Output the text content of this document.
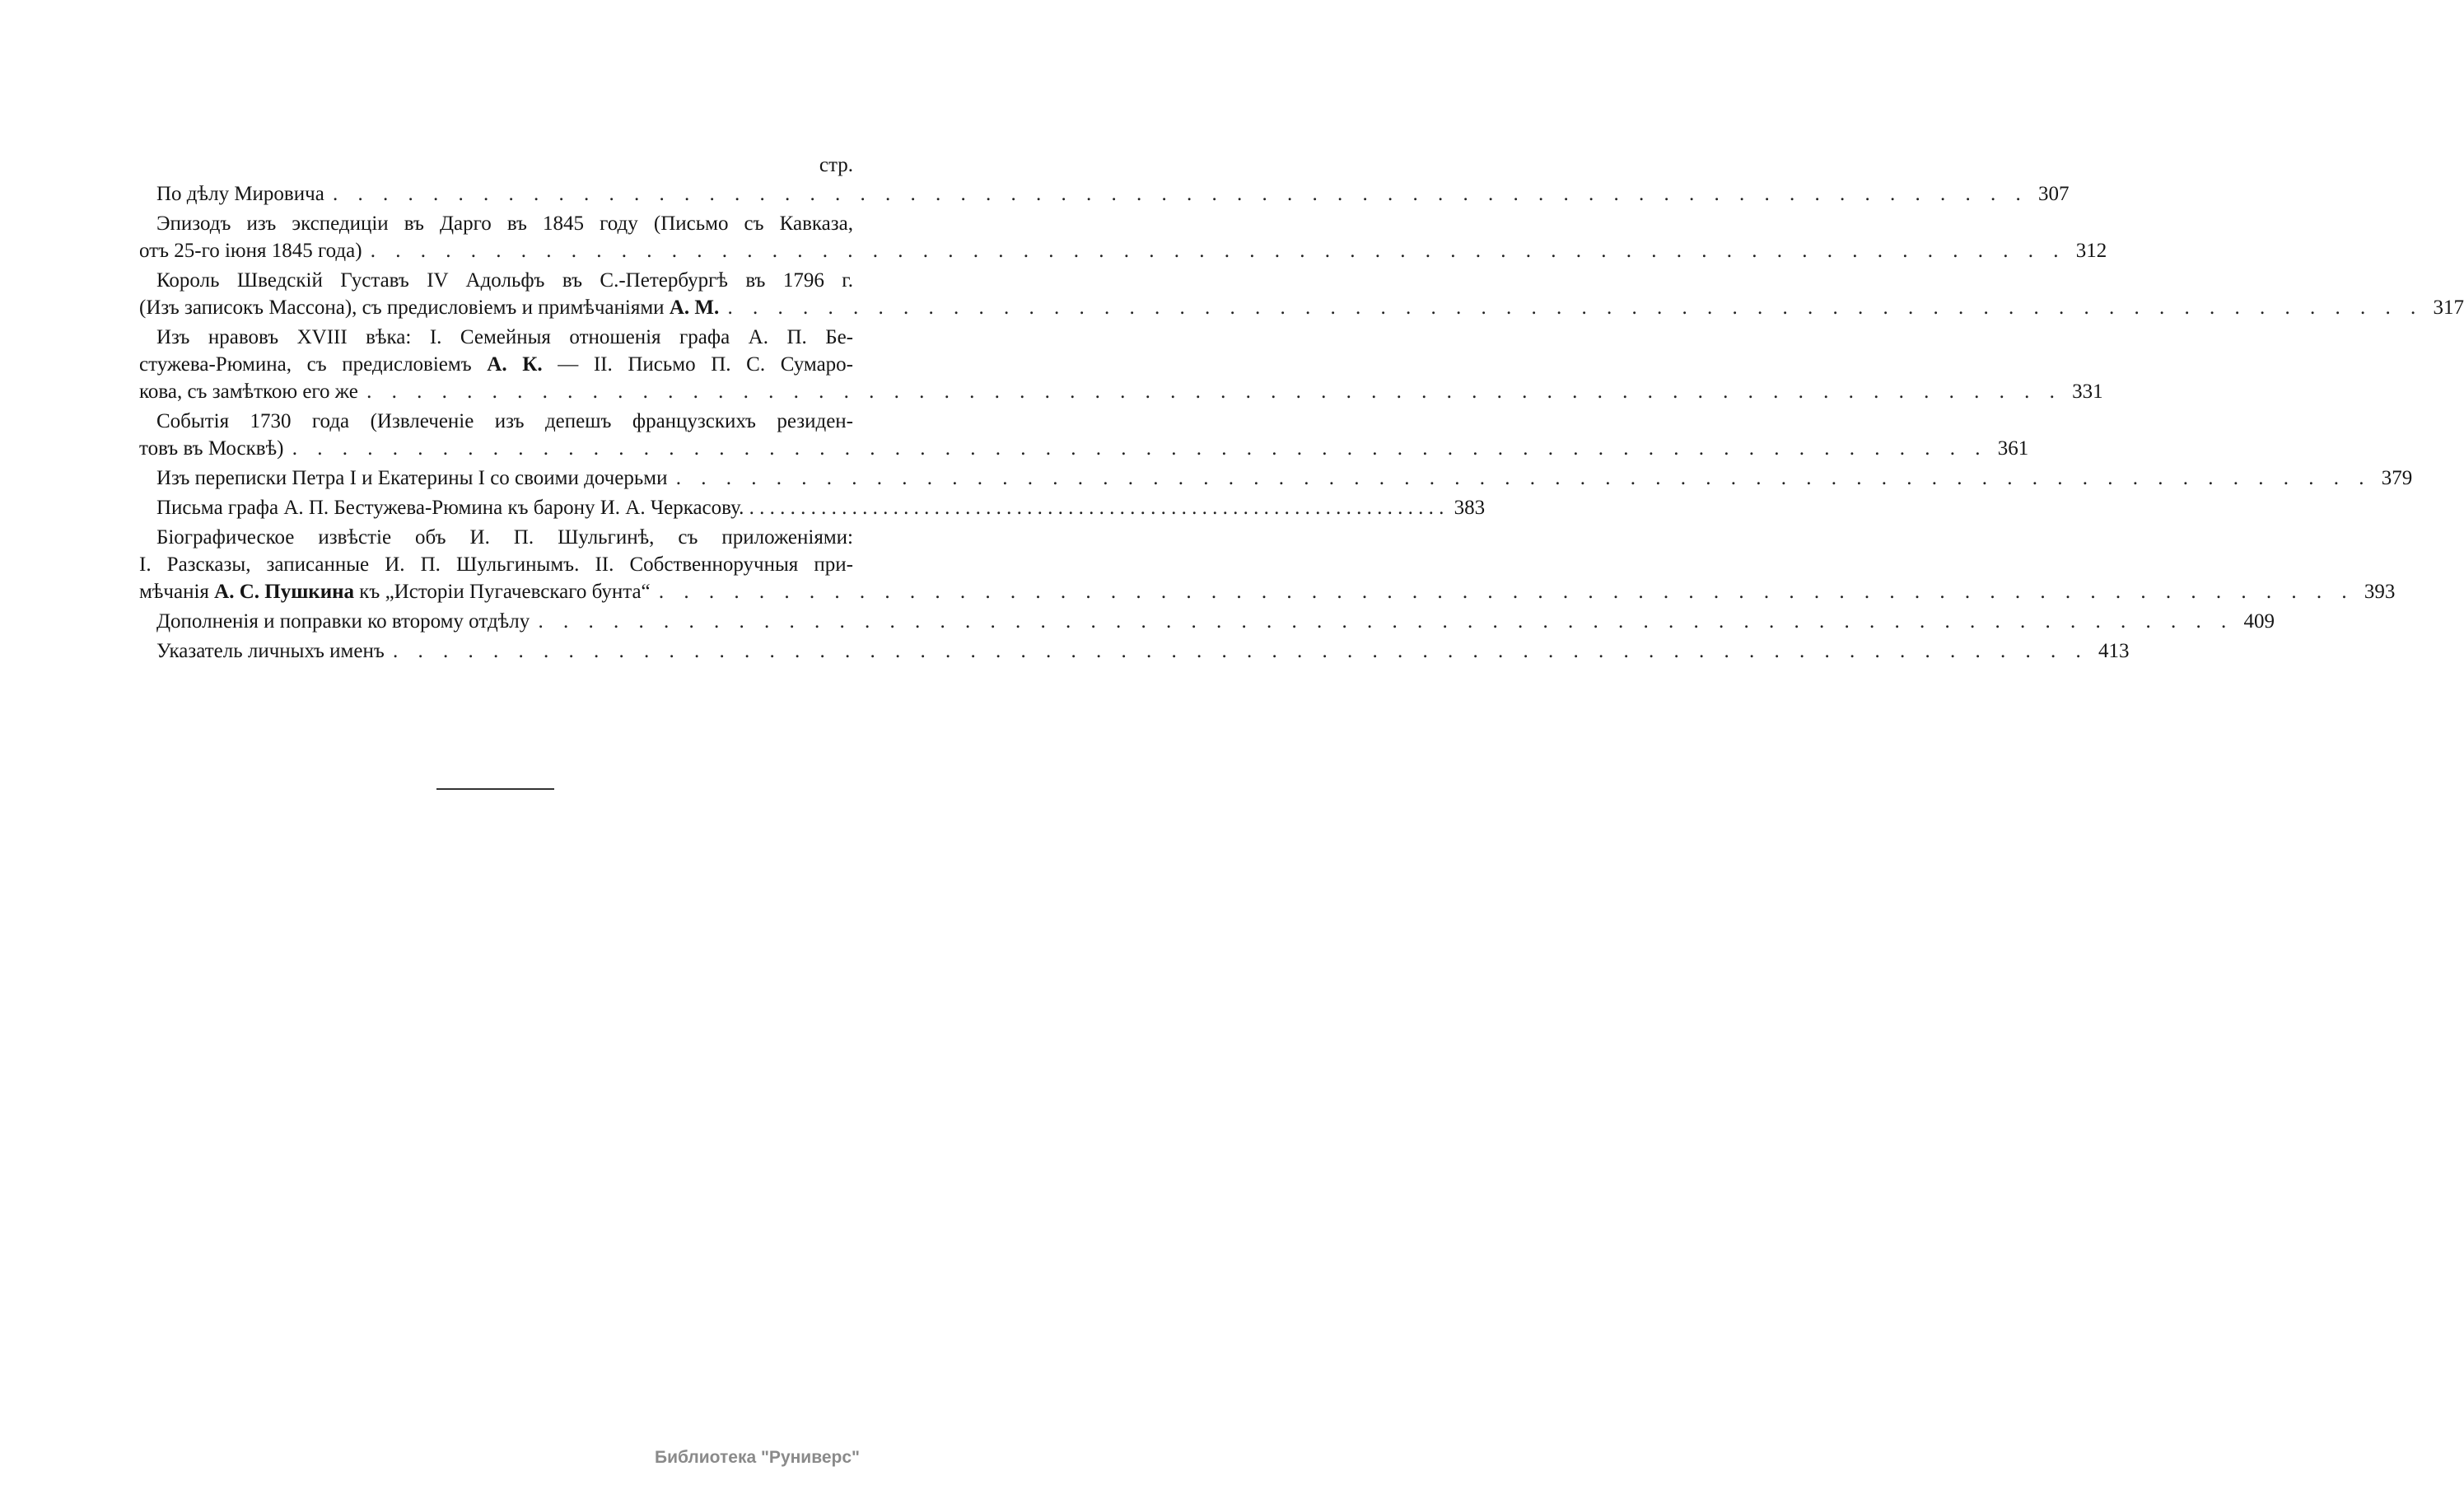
стр.
По дѣлу Мировича . . .	307
Эпизодъ изъ экспедиціи въ Дарго въ 1845 году (Письмо съ Кавказа,
отъ 25-го іюня 1845 года) . . .	312
Король Шведскій Густавъ IV Адольфъ въ С.-Петербургѣ въ 1796 г.
(Изъ записокъ Массона), съ предисловіемъ и примѣчаніями А. М. . . .	317
Изъ нравовъ XVIII вѣка: I. Семейныя отношенія графа А. П. Бе-
стужева-Рюмина, съ предисловіемъ А. К. — II. Письмо П. С. Сумаро-
кова, съ замѣткою его же . . .	331
Событія 1730 года (Извлеченіе изъ депешъ французскихъ резиден-
товъ въ Москвѣ) . . .	361
Изъ переписки Петра I и Екатерины I со своими дочерьми . . .	379
Письма графа А. П. Бестужева-Рюмина къ барону И. А. Черкасову. . . .	383
Біографическое извѣстіе объ И. П. Шульгинѣ, съ приложеніями:
I. Разсказы, записанные И. П. Шульгинымъ. II. Собственноручныя при-
мѣчанія А. С. Пушкина къ „Исторіи Пугачевскаго бунта“ . . .	393
Дополненія и поправки ко второму отдѣлу . . .	409
Указатель личныхъ именъ . . .	413
Библиотека "Руниверс"
